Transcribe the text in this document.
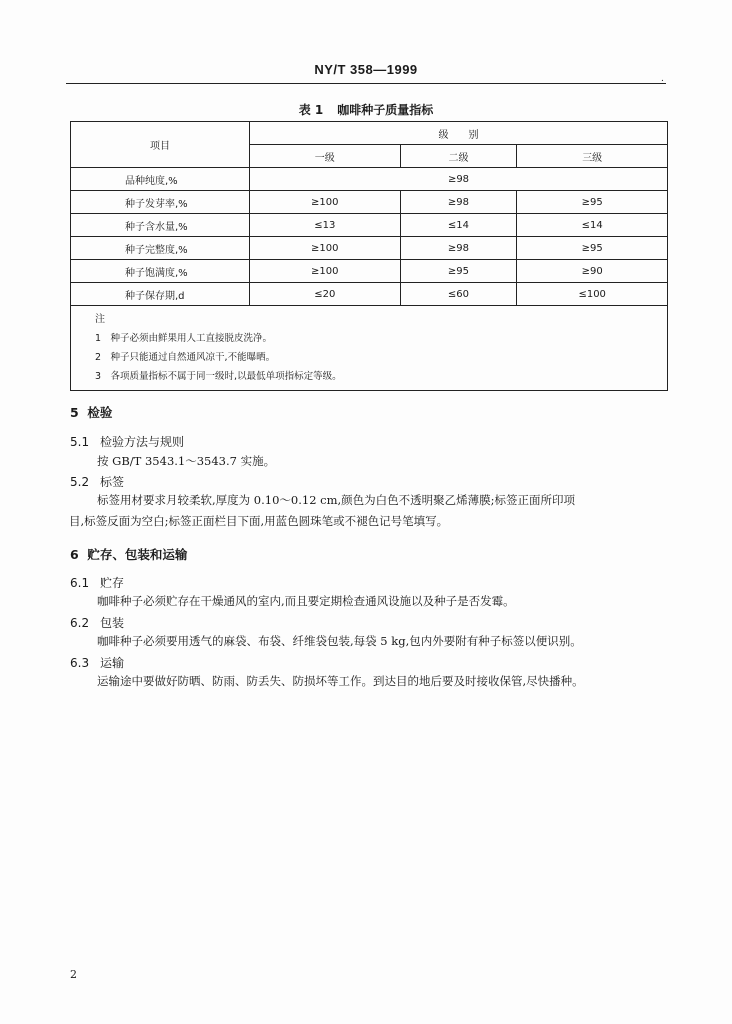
NY/T 358—1999
.
表 1 咖啡种子质量指标
项目	级　　别		
	一级	二级	三级
品种纯度,%	≥98		
种子发芽率,%	≥100	≥98	≥95
种子含水量,%	≤13	≤14	≤14
种子完整度,%	≥100	≥98	≥95
种子饱满度,%	≥100	≥95	≥90
种子保存期,d	≤20	≤60	≤100

注
1　种子必须由鲜果用人工直接脱皮洗净。
2　种子只能通过自然通风凉干,不能曝晒。
3　各项质量指标不属于同一级时,以最低单项指标定等级。			
5 检验
5.1 检验方法与规则
按 GB/T 3543.1～3543.7 实施。
5.2 标签
标签用材要求月较柔软,厚度为 0.10～0.12 cm,颜色为白色不透明聚乙烯薄膜;标签正面所印项
目,标签反面为空白;标签正面栏目下面,用蓝色圆珠笔或不褪色记号笔填写。
6 贮存、包装和运输
6.1 贮存
咖啡种子必须贮存在干燥通风的室内,而且要定期检查通风设施以及种子是否发霉。
6.2 包装
咖啡种子必须要用透气的麻袋、布袋、纤维袋包装,每袋 5 kg,包内外要附有种子标签以便识别。
6.3 运输
运输途中要做好防晒、防雨、防丢失、防损坏等工作。到达目的地后要及时接收保管,尽快播种。
2
